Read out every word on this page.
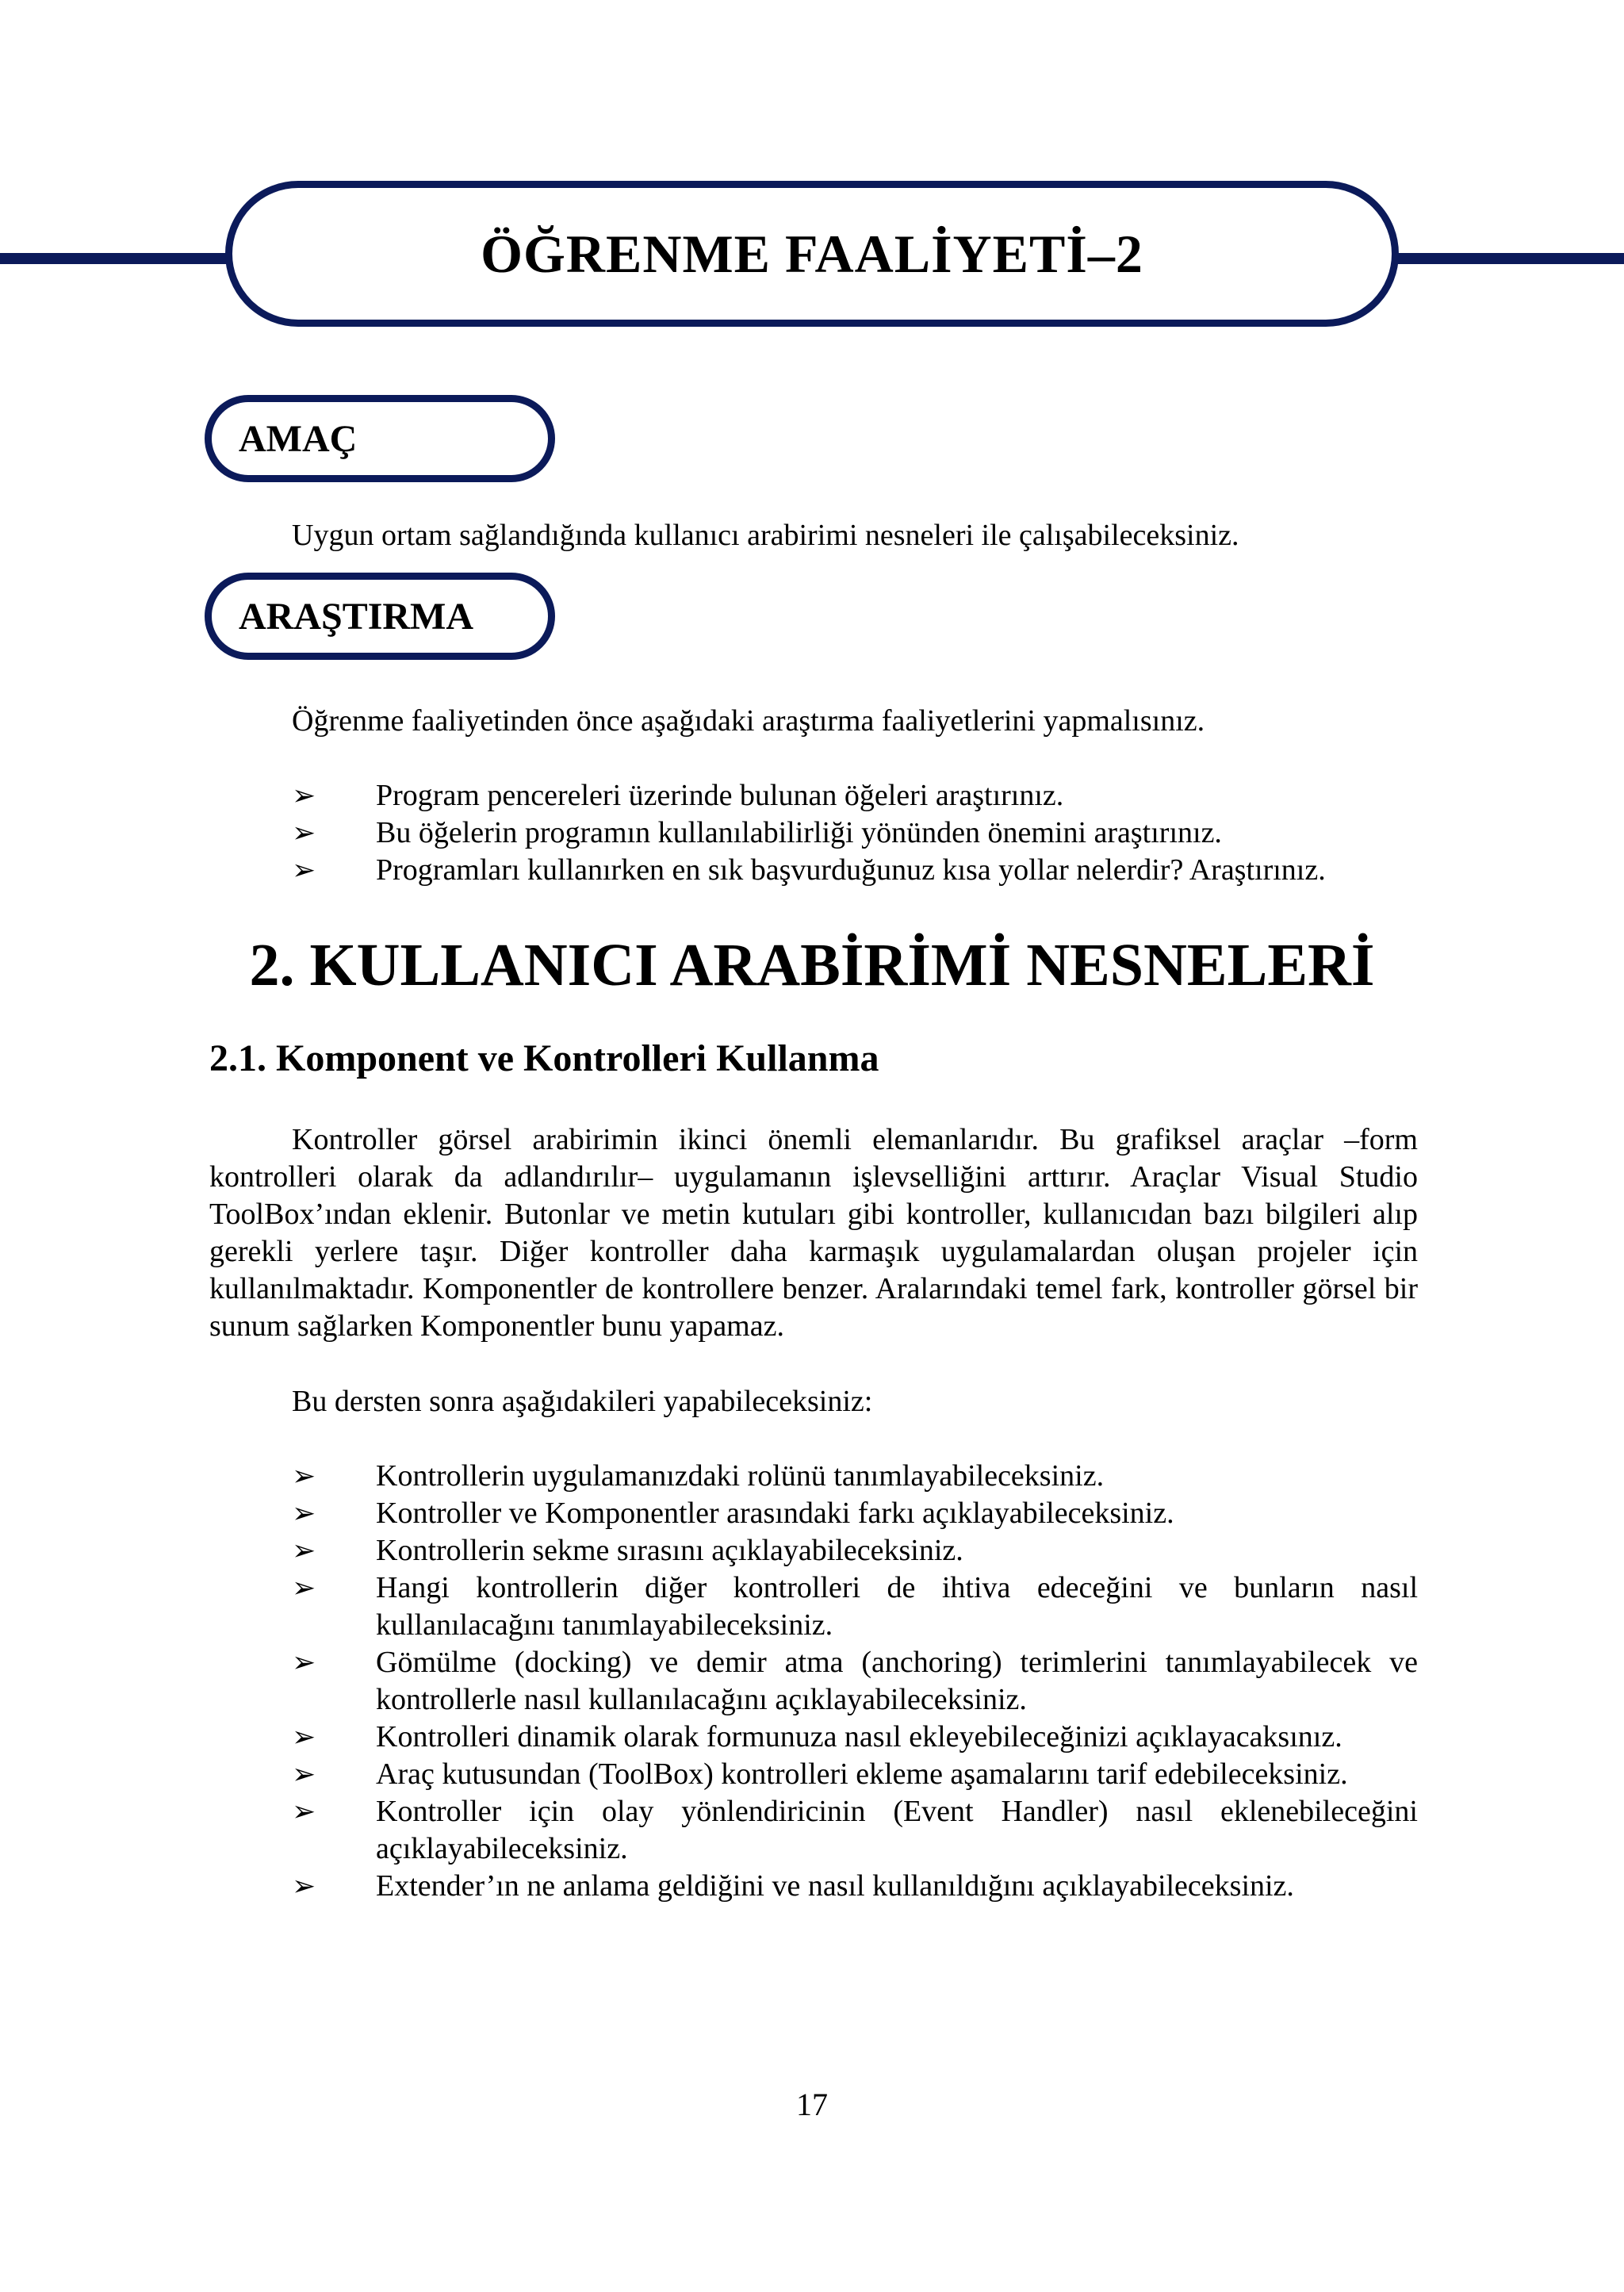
ÖĞRENME FAALİYETİ–2
AMAÇ
Uygun ortam sağlandığında kullanıcı arabirimi nesneleri ile çalışabileceksiniz.
ARAŞTIRMA
Öğrenme faaliyetinden önce aşağıdaki araştırma faaliyetlerini yapmalısınız.
➢ Program pencereleri üzerinde bulunan öğeleri araştırınız.
➢ Bu öğelerin programın kullanılabilirliği yönünden önemini araştırınız.
➢ Programları kullanırken en sık başvurduğunuz kısa yollar nelerdir? Araştırınız.
2. KULLANICI ARABİRİMİ NESNELERİ
2.1. Komponent ve Kontrolleri Kullanma
Kontroller görsel arabirimin ikinci önemli elemanlarıdır. Bu grafiksel araçlar –form kontrolleri olarak da adlandırılır– uygulamanın işlevselliğini arttırır. Araçlar Visual Studio ToolBox’ından eklenir. Butonlar ve metin kutuları gibi kontroller, kullanıcıdan bazı bilgileri alıp gerekli yerlere taşır. Diğer kontroller daha karmaşık uygulamalardan oluşan projeler için kullanılmaktadır. Komponentler de kontrollere benzer. Aralarındaki temel fark, kontroller görsel bir sunum sağlarken Komponentler bunu yapamaz.
Bu dersten sonra aşağıdakileri yapabileceksiniz:
➢ Kontrollerin uygulamanızdaki rolünü tanımlayabileceksiniz.
➢ Kontroller ve Komponentler arasındaki farkı açıklayabileceksiniz.
➢ Kontrollerin sekme sırasını açıklayabileceksiniz.
➢ Hangi kontrollerin diğer kontrolleri de ihtiva edeceğini ve bunların nasıl kullanılacağını tanımlayabileceksiniz.
➢ Gömülme (docking) ve demir atma (anchoring) terimlerini tanımlayabilecek ve kontrollerle nasıl kullanılacağını açıklayabileceksiniz.
➢ Kontrolleri dinamik olarak formunuza nasıl ekleyebileceğinizi açıklayacaksınız.
➢ Araç kutusundan (ToolBox) kontrolleri ekleme aşamalarını tarif edebileceksiniz.
➢ Kontroller için olay yönlendiricinin (Event Handler) nasıl eklenebileceğini açıklayabileceksiniz.
➢ Extender’ın ne anlama geldiğini ve nasıl kullanıldığını açıklayabileceksiniz.
17
